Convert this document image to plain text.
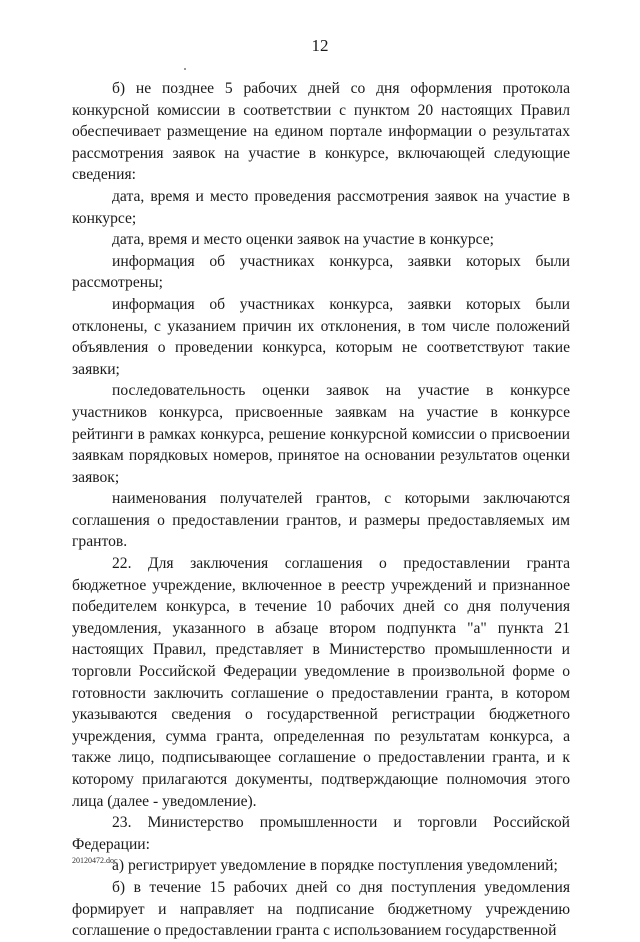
12

б) не позднее 5 рабочих дней со дня оформления протокола конкурсной комиссии в соответствии с пунктом 20 настоящих Правил обеспечивает размещение на едином портале информации о результатах рассмотрения заявок на участие в конкурсе, включающей следующие сведения:

дата, время и место проведения рассмотрения заявок на участие в конкурсе;

дата, время и место оценки заявок на участие в конкурсе;

информация об участниках конкурса, заявки которых были рассмотрены;

информация об участниках конкурса, заявки которых были отклонены, с указанием причин их отклонения, в том числе положений объявления о проведении конкурса, которым не соответствуют такие заявки;

последовательность оценки заявок на участие в конкурсе участников конкурса, присвоенные заявкам на участие в конкурсе рейтинги в рамках конкурса, решение конкурсной комиссии о присвоении заявкам порядковых номеров, принятое на основании результатов оценки заявок;

наименования получателей грантов, с которыми заключаются соглашения о предоставлении грантов, и размеры предоставляемых им грантов.

22. Для заключения соглашения о предоставлении гранта бюджетное учреждение, включенное в реестр учреждений и признанное победителем конкурса, в течение 10 рабочих дней со дня получения уведомления, указанного в абзаце втором подпункта "а" пункта 21 настоящих Правил, представляет в Министерство промышленности и торговли Российской Федерации уведомление в произвольной форме о готовности заключить соглашение о предоставлении гранта, в котором указываются сведения о государственной регистрации бюджетного учреждения, сумма гранта, определенная по результатам конкурса, а также лицо, подписывающее соглашение о предоставлении гранта, и к которому прилагаются документы, подтверждающие полномочия этого лица (далее - уведомление).

23. Министерство промышленности и торговли Российской Федерации:

а) регистрирует уведомление в порядке поступления уведомлений;

б) в течение 15 рабочих дней со дня поступления уведомления формирует и направляет на подписание бюджетному учреждению соглашение о предоставлении гранта с использованием государственной

20120472.doc
